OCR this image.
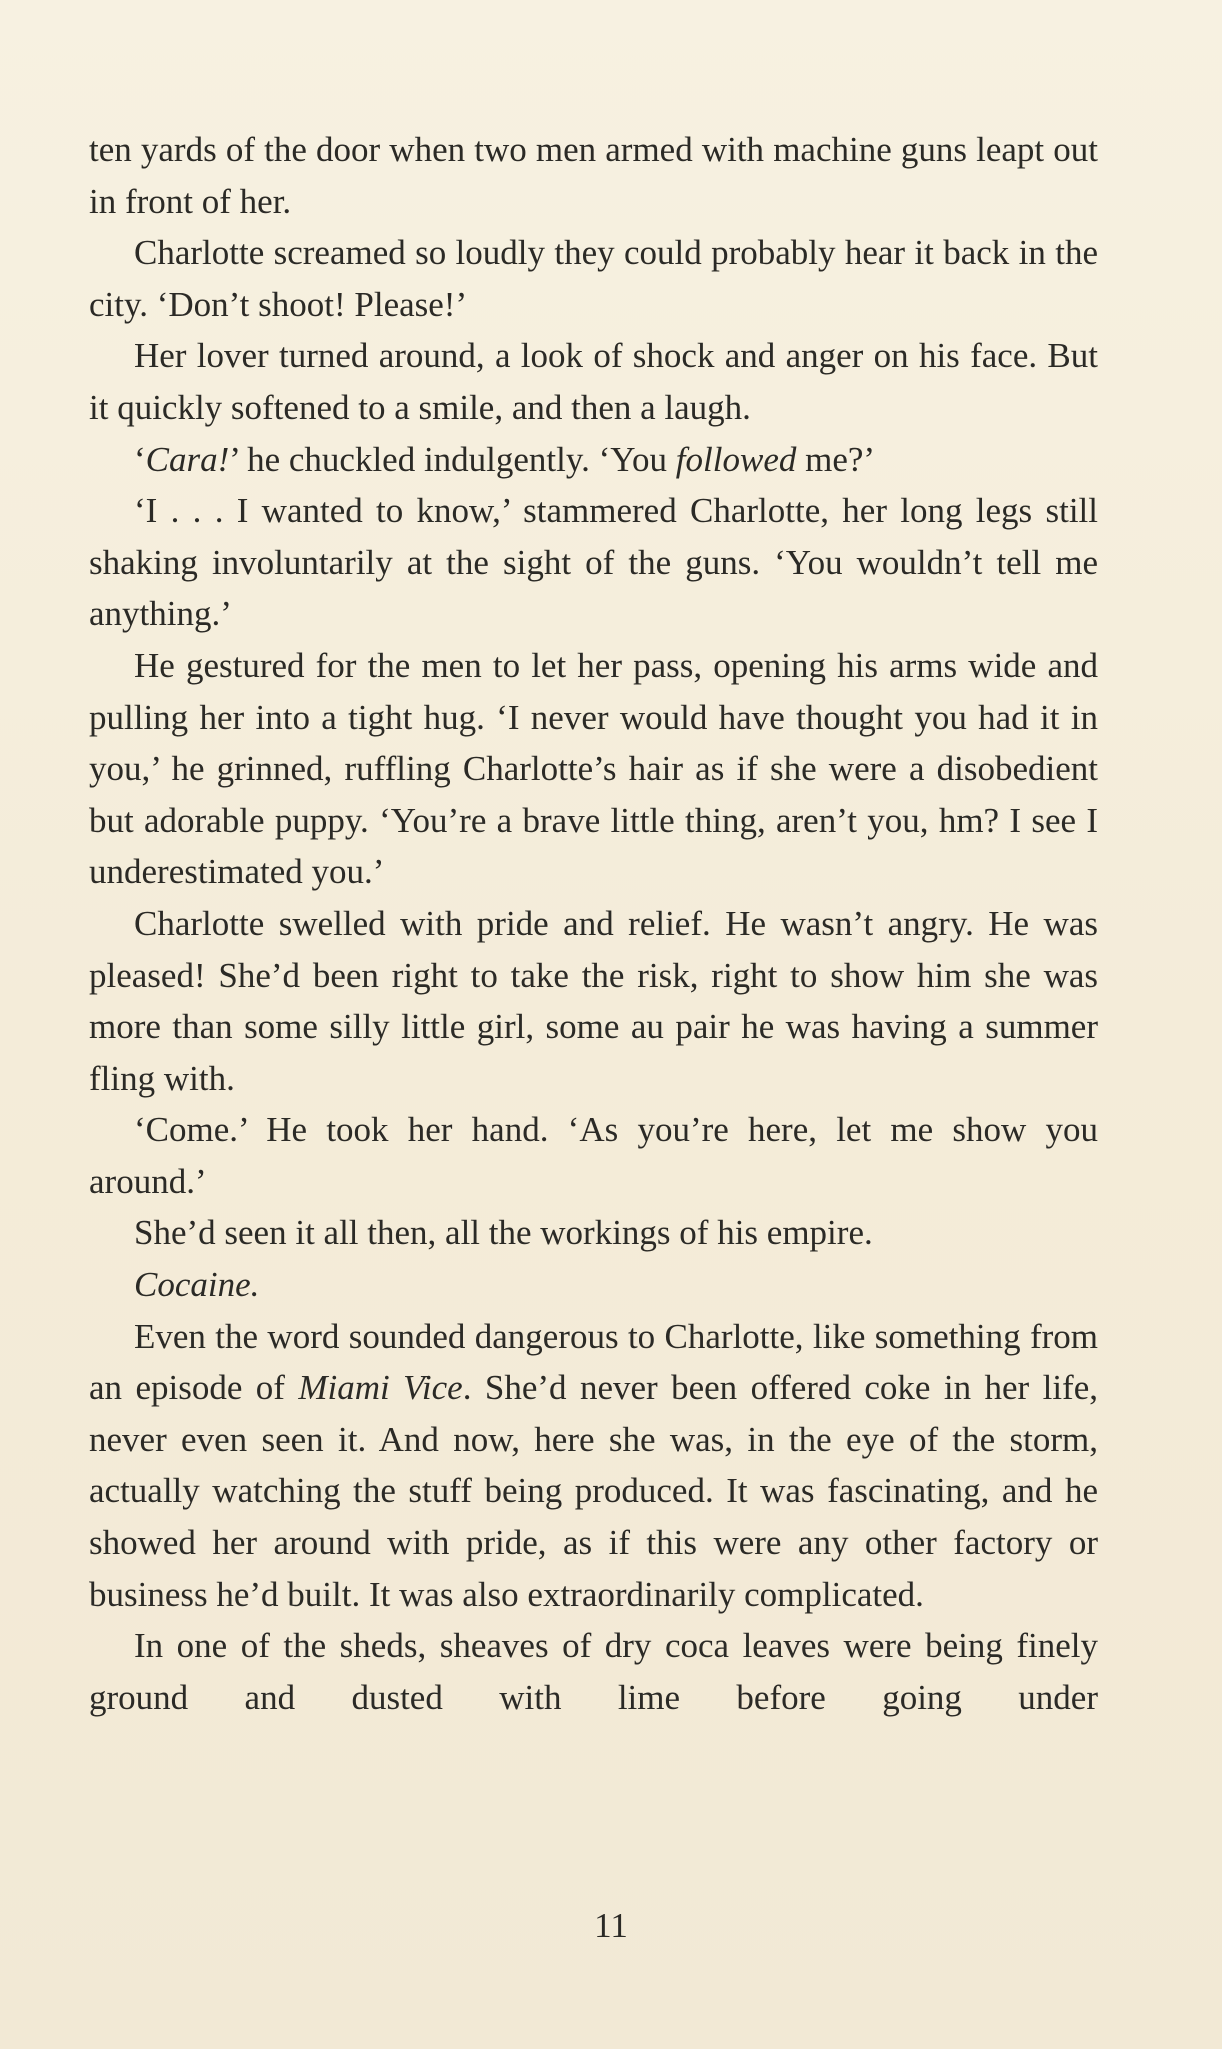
ten yards of the door when two men armed with machine guns leapt out in front of her.

Charlotte screamed so loudly they could probably hear it back in the city. ‘Don’t shoot! Please!’

Her lover turned around, a look of shock and anger on his face. But it quickly softened to a smile, and then a laugh.

‘Cara!’ he chuckled indulgently. ‘You followed me?’

‘I . . . I wanted to know,’ stammered Charlotte, her long legs still shaking involuntarily at the sight of the guns. ‘You wouldn’t tell me anything.’

He gestured for the men to let her pass, opening his arms wide and pulling her into a tight hug. ‘I never would have thought you had it in you,’ he grinned, ruffling Charlotte’s hair as if she were a disobedient but adorable puppy. ‘You’re a brave little thing, aren’t you, hm? I see I underestimated you.’

Charlotte swelled with pride and relief. He wasn’t angry. He was pleased! She’d been right to take the risk, right to show him she was more than some silly little girl, some au pair he was having a summer fling with.

‘Come.’ He took her hand. ‘As you’re here, let me show you around.’

She’d seen it all then, all the workings of his empire.

Cocaine.

Even the word sounded dangerous to Charlotte, like something from an episode of Miami Vice. She’d never been offered coke in her life, never even seen it. And now, here she was, in the eye of the storm, actually watching the stuff being produced. It was fascinating, and he showed her around with pride, as if this were any other factory or business he’d built. It was also extraordinarily complicated.

In one of the sheds, sheaves of dry coca leaves were being finely ground and dusted with lime before going under

11
